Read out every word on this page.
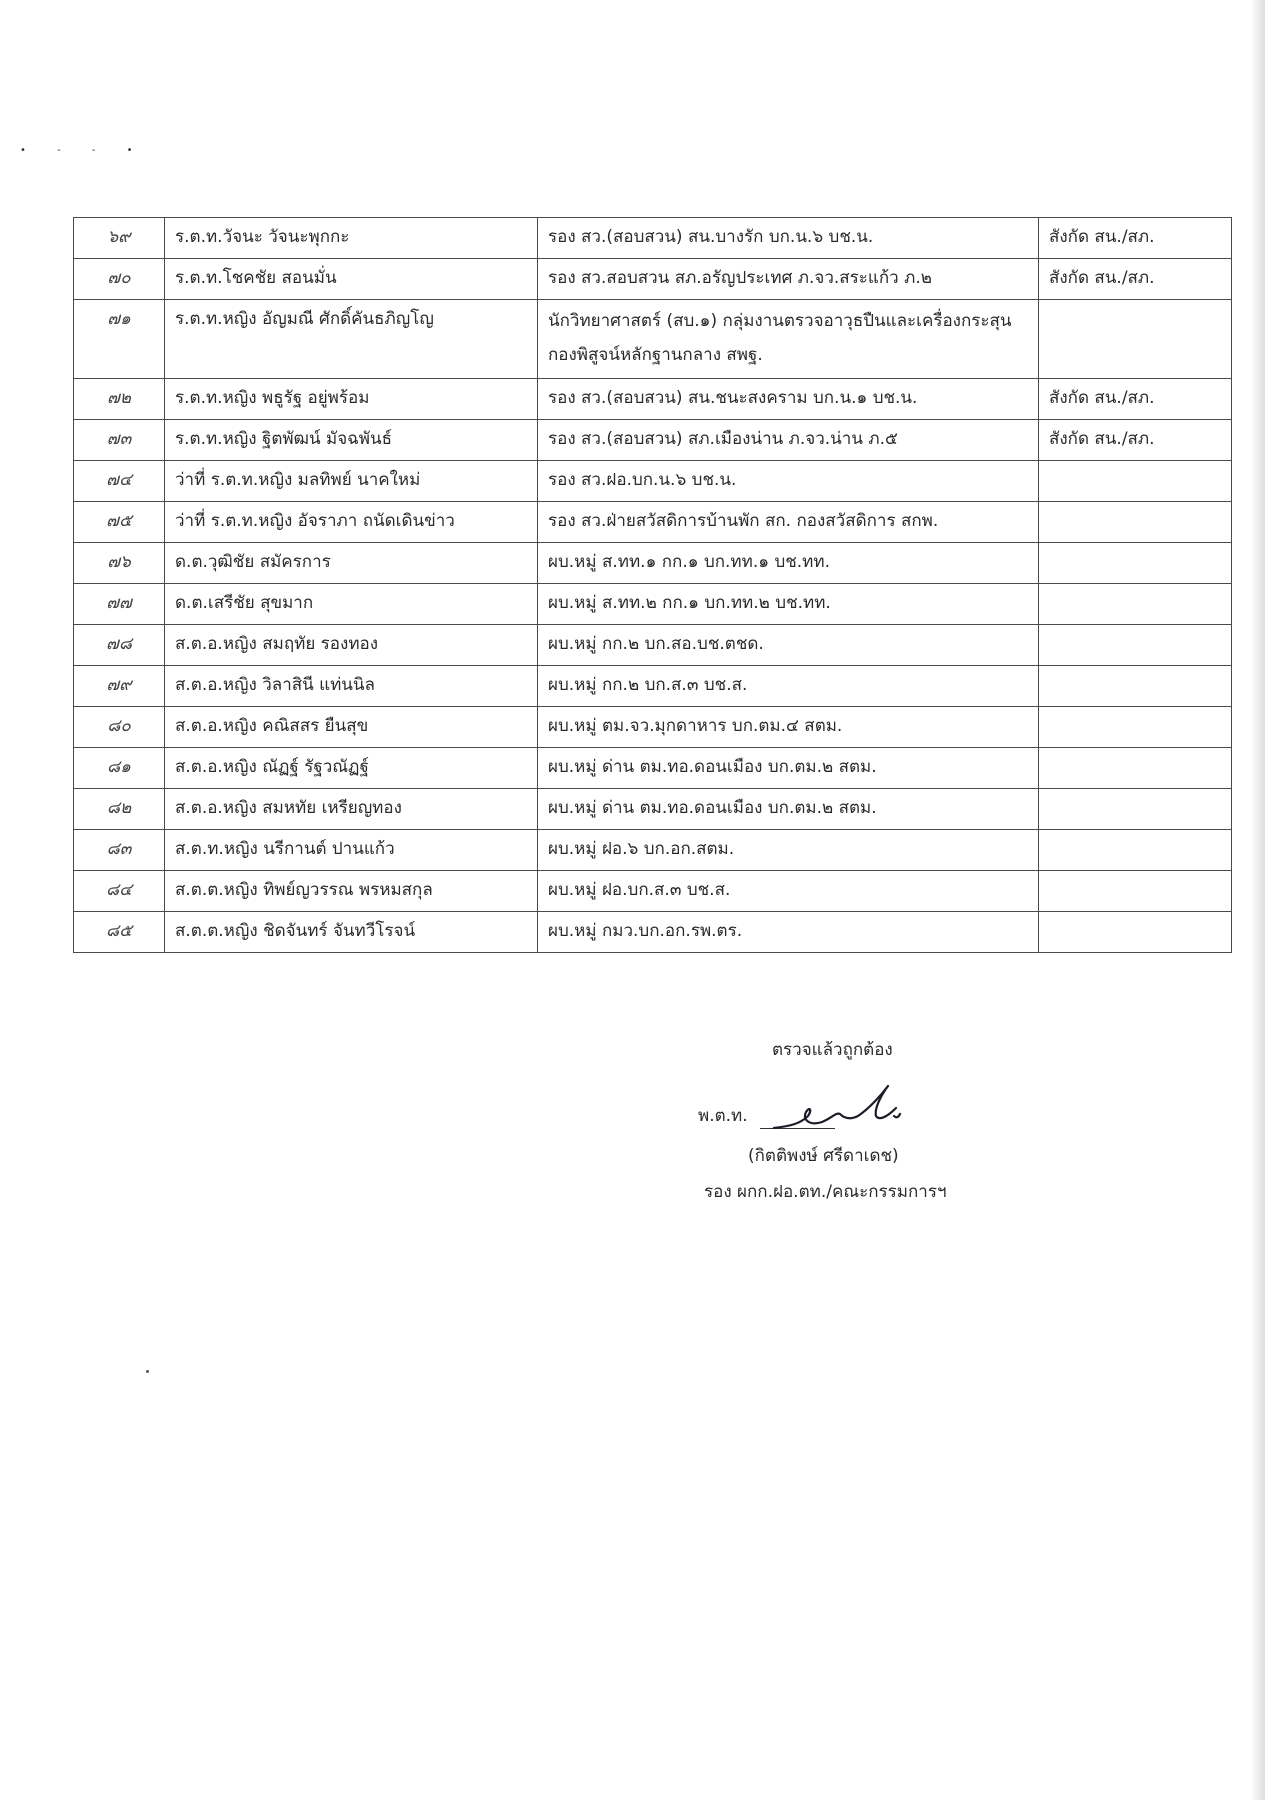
• - - •
๖๙	ร.ต.ท.วัจนะ วัจนะพุกกะ	รอง สว.(สอบสวน) สน.บางรัก บก.น.๖ บช.น.	สังกัด สน./สภ.
๗๐	ร.ต.ท.โชคชัย สอนมั่น	รอง สว.สอบสวน สภ.อรัญประเทศ ภ.จว.สระแก้ว ภ.๒	สังกัด สน./สภ.
๗๑	ร.ต.ท.หญิง อัญมณี ศักดิ์คันธภิญโญ	นักวิทยาศาสตร์ (สบ.๑) กลุ่มงานตรวจอาวุธปืนและเครื่องกระสุน กองพิสูจน์หลักฐานกลาง สพฐ.	
๗๒	ร.ต.ท.หญิง พธูรัฐ อยู่พร้อม	รอง สว.(สอบสวน) สน.ชนะสงคราม บก.น.๑ บช.น.	สังกัด สน./สภ.
๗๓	ร.ต.ท.หญิง ฐิตพัฒน์ มัจฉพันธ์	รอง สว.(สอบสวน) สภ.เมืองน่าน ภ.จว.น่าน ภ.๕	สังกัด สน./สภ.
๗๔	ว่าที่ ร.ต.ท.หญิง มลทิพย์ นาคใหม่	รอง สว.ฝอ.บก.น.๖ บช.น.	
๗๕	ว่าที่ ร.ต.ท.หญิง อัจราภา ถนัดเดินข่าว	รอง สว.ฝ่ายสวัสดิการบ้านพัก สก. กองสวัสดิการ สกพ.	
๗๖	ด.ต.วุฒิชัย สมัครการ	ผบ.หมู่ ส.ทท.๑ กก.๑ บก.ทท.๑ บช.ทท.	
๗๗	ด.ต.เสรีชัย สุขมาก	ผบ.หมู่ ส.ทท.๒ กก.๑ บก.ทท.๒ บช.ทท.	
๗๘	ส.ต.อ.หญิง สมฤทัย รองทอง	ผบ.หมู่ กก.๒ บก.สอ.บช.ตชด.	
๗๙	ส.ต.อ.หญิง วิลาสินี แท่นนิล	ผบ.หมู่ กก.๒ บก.ส.๓ บช.ส.	
๘๐	ส.ต.อ.หญิง คณิสสร ยืนสุข	ผบ.หมู่ ตม.จว.มุกดาหาร บก.ตม.๔ สตม.	
๘๑	ส.ต.อ.หญิง ณัฏฐ์ รัฐวณัฏฐ์	ผบ.หมู่ ด่าน ตม.ทอ.ดอนเมือง บก.ตม.๒ สตม.	
๘๒	ส.ต.อ.หญิง สมหทัย เหรียญทอง	ผบ.หมู่ ด่าน ตม.ทอ.ดอนเมือง บก.ตม.๒ สตม.	
๘๓	ส.ต.ท.หญิง นรีกานต์ ปานแก้ว	ผบ.หมู่ ฝอ.๖ บก.อก.สตม.	
๘๔	ส.ต.ต.หญิง ทิพย์ญวรรณ พรหมสกุล	ผบ.หมู่ ฝอ.บก.ส.๓ บช.ส.	
๘๕	ส.ต.ต.หญิง ชิดจันทร์ จันทวีโรจน์	ผบ.หมู่ กมว.บก.อก.รพ.ตร.	
ตรวจแล้วถูกต้อง
พ.ต.ท.
(กิตติพงษ์ ศรีดาเดช)
รอง ผกก.ฝอ.ตท./คณะกรรมการฯ
